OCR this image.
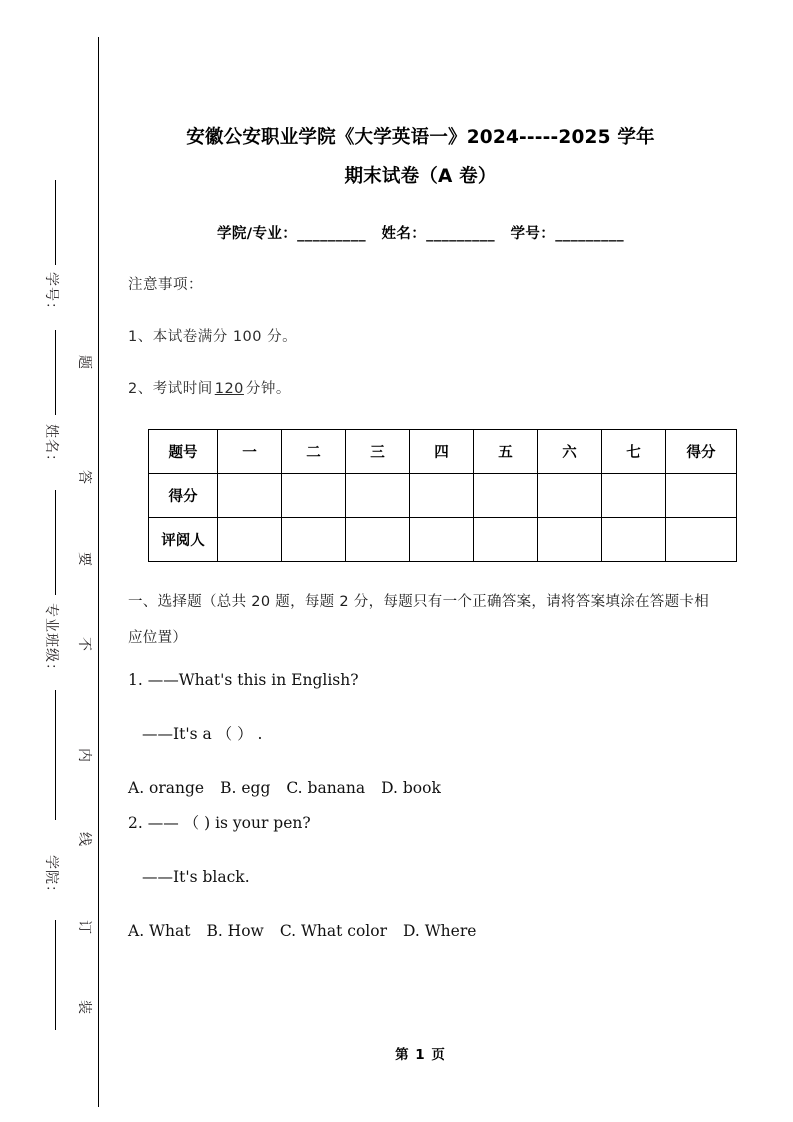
学号：
姓名：
专业班级：
学院：
题
答
要
不
内
线
订
装
安徽公安职业学院《大学英语一》2024-----2025 学年
期末试卷（A 卷）
学院/专业：_________ 姓名：_________ 学号：_________
注意事项：
1、本试卷满分 100 分。
2、考试时间 120 分钟。
题号	一	二	三	四	五	六	七	得分
得分								
评阅人								
一、选择题（总共 20 题，每题 2 分，每题只有一个正确答案，请将答案填涂在答题卡相应位置）
1. ——What's this in English?
——It's a （ ） .
A. orange B. egg C. banana D. book
2. —— （ ) is your pen?
——It's black.
A. What B. How C. What color D. Where
第 1 页
